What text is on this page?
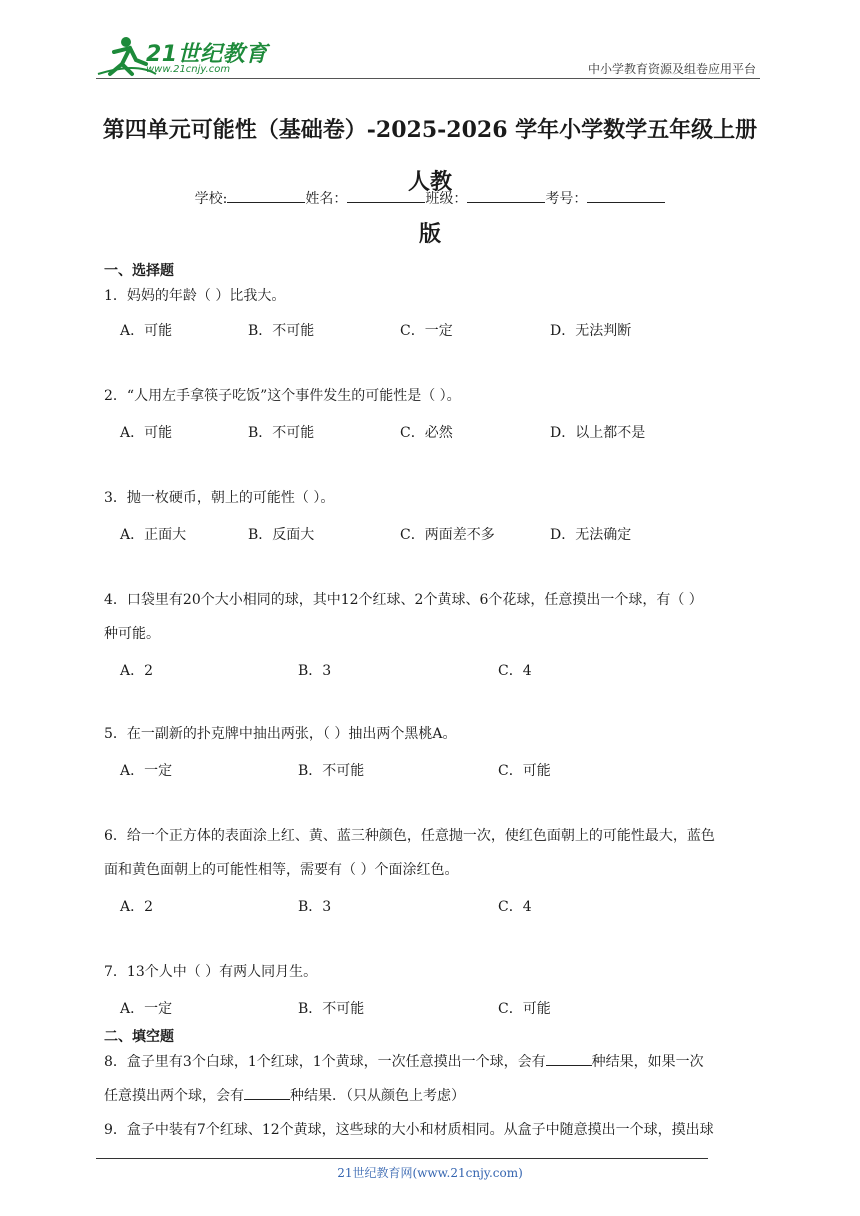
21世纪教育
www.21cnjy.com	中小学教育资源及组卷应用平台
第四单元可能性（基础卷）-2025-2026 学年小学数学五年级上册人教
版
学校:	姓名：	班级：	考号：
一、选择题
1．妈妈的年龄（ ）比我大。
A．可能	B．不可能	C．一定	D．无法判断
2．“人用左手拿筷子吃饭”这个事件发生的可能性是（ ）。
A．可能	B．不可能	C．必然	D．以上都不是
3．抛一枚硬币，朝上的可能性（ ）。
A．正面大	B．反面大	C．两面差不多	D．无法确定
4．口袋里有20个大小相同的球，其中12个红球、2个黄球、6个花球，任意摸出一个球，有（ ）
种可能。
A．2	B．3	C．4
5．在一副新的扑克牌中抽出两张，（ ）抽出两个黑桃A。
A．一定	B．不可能	C．可能
6．给一个正方体的表面涂上红、黄、蓝三种颜色，任意抛一次，使红色面朝上的可能性最大，蓝色
面和黄色面朝上的可能性相等，需要有（ ）个面涂红色。
A．2	B．3	C．4
7．13个人中（ ）有两人同月生。
A．一定	B．不可能	C．可能
二、填空题
8．盒子里有3个白球，1个红球，1个黄球，一次任意摸出一个球，会有	种结果，如果一次
任意摸出两个球，会有	种结果．（只从颜色上考虑）
9．盒子中装有7个红球、12个黄球，这些球的大小和材质相同。从盒子中随意摸出一个球，摸出球
21世纪教育网(www.21cnjy.com)
